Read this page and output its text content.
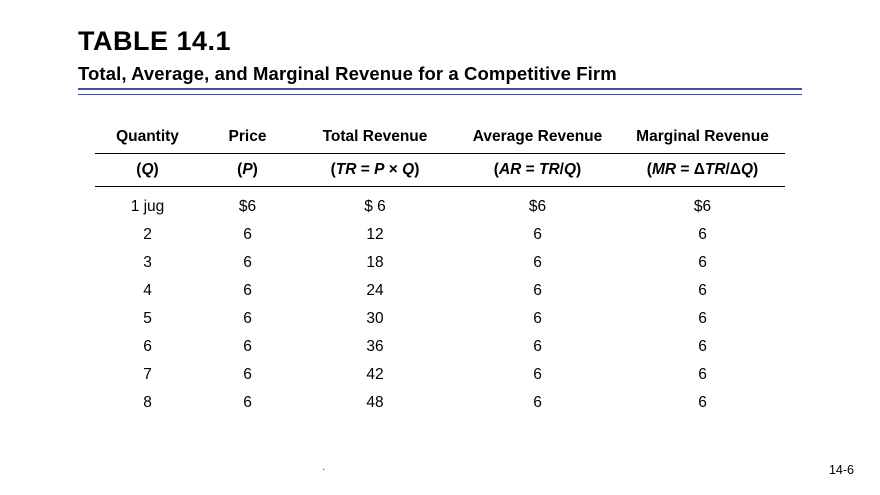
TABLE 14.1
Total, Average, and Marginal Revenue for a Competitive Firm
Quantity	Price	Total Revenue	Average Revenue	Marginal Revenue

(Q)	(P)	(TR = P × Q)	(AR = TR/Q)	(MR = ΔTR/ΔQ)

1 jug	$6	$ 6	$6	$6
2	6	12	6	6
3	6	18	6	6
4	6	24	6	6
5	6	30	6	6
6	6	36	6	6
7	6	42	6	6
8	6	48	6	6
.	14-6
